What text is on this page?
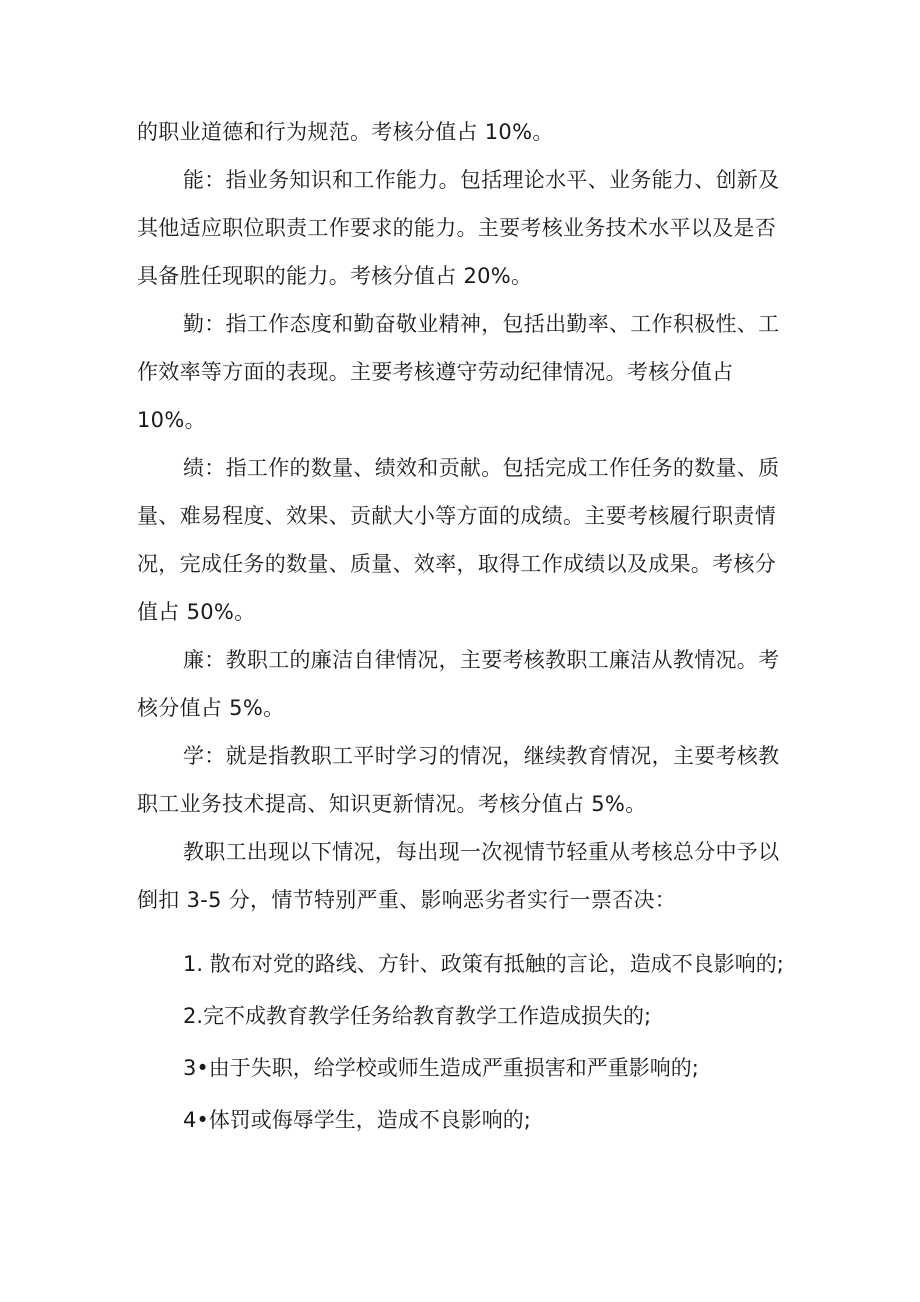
的职业道德和行为规范。考核分值占 10%。

能：指业务知识和工作能力。包括理论水平、业务能力、创新及其他适应职位职责工作要求的能力。主要考核业务技术水平以及是否具备胜任现职的能力。考核分值占 20%。

勤：指工作态度和勤奋敬业精神，包括出勤率、工作积极性、工作效率等方面的表现。主要考核遵守劳动纪律情况。考核分值占 10%。

绩：指工作的数量、绩效和贡献。包括完成工作任务的数量、质量、难易程度、效果、贡献大小等方面的成绩。主要考核履行职责情况，完成任务的数量、质量、效率，取得工作成绩以及成果。考核分值占 50%。

廉：教职工的廉洁自律情况，主要考核教职工廉洁从教情况。考核分值占 5%。

学：就是指教职工平时学习的情况，继续教育情况，主要考核教职工业务技术提高、知识更新情况。考核分值占 5%。

教职工出现以下情况，每出现一次视情节轻重从考核总分中予以倒扣 3-5 分，情节特别严重、影响恶劣者实行一票否决：

1. 散布对党的路线、方针、政策有抵触的言论，造成不良影响的;

2.完不成教育教学任务给教育教学工作造成损失的;

3•由于失职，给学校或师生造成严重损害和严重影响的;

4•体罚或侮辱学生，造成不良影响的;
